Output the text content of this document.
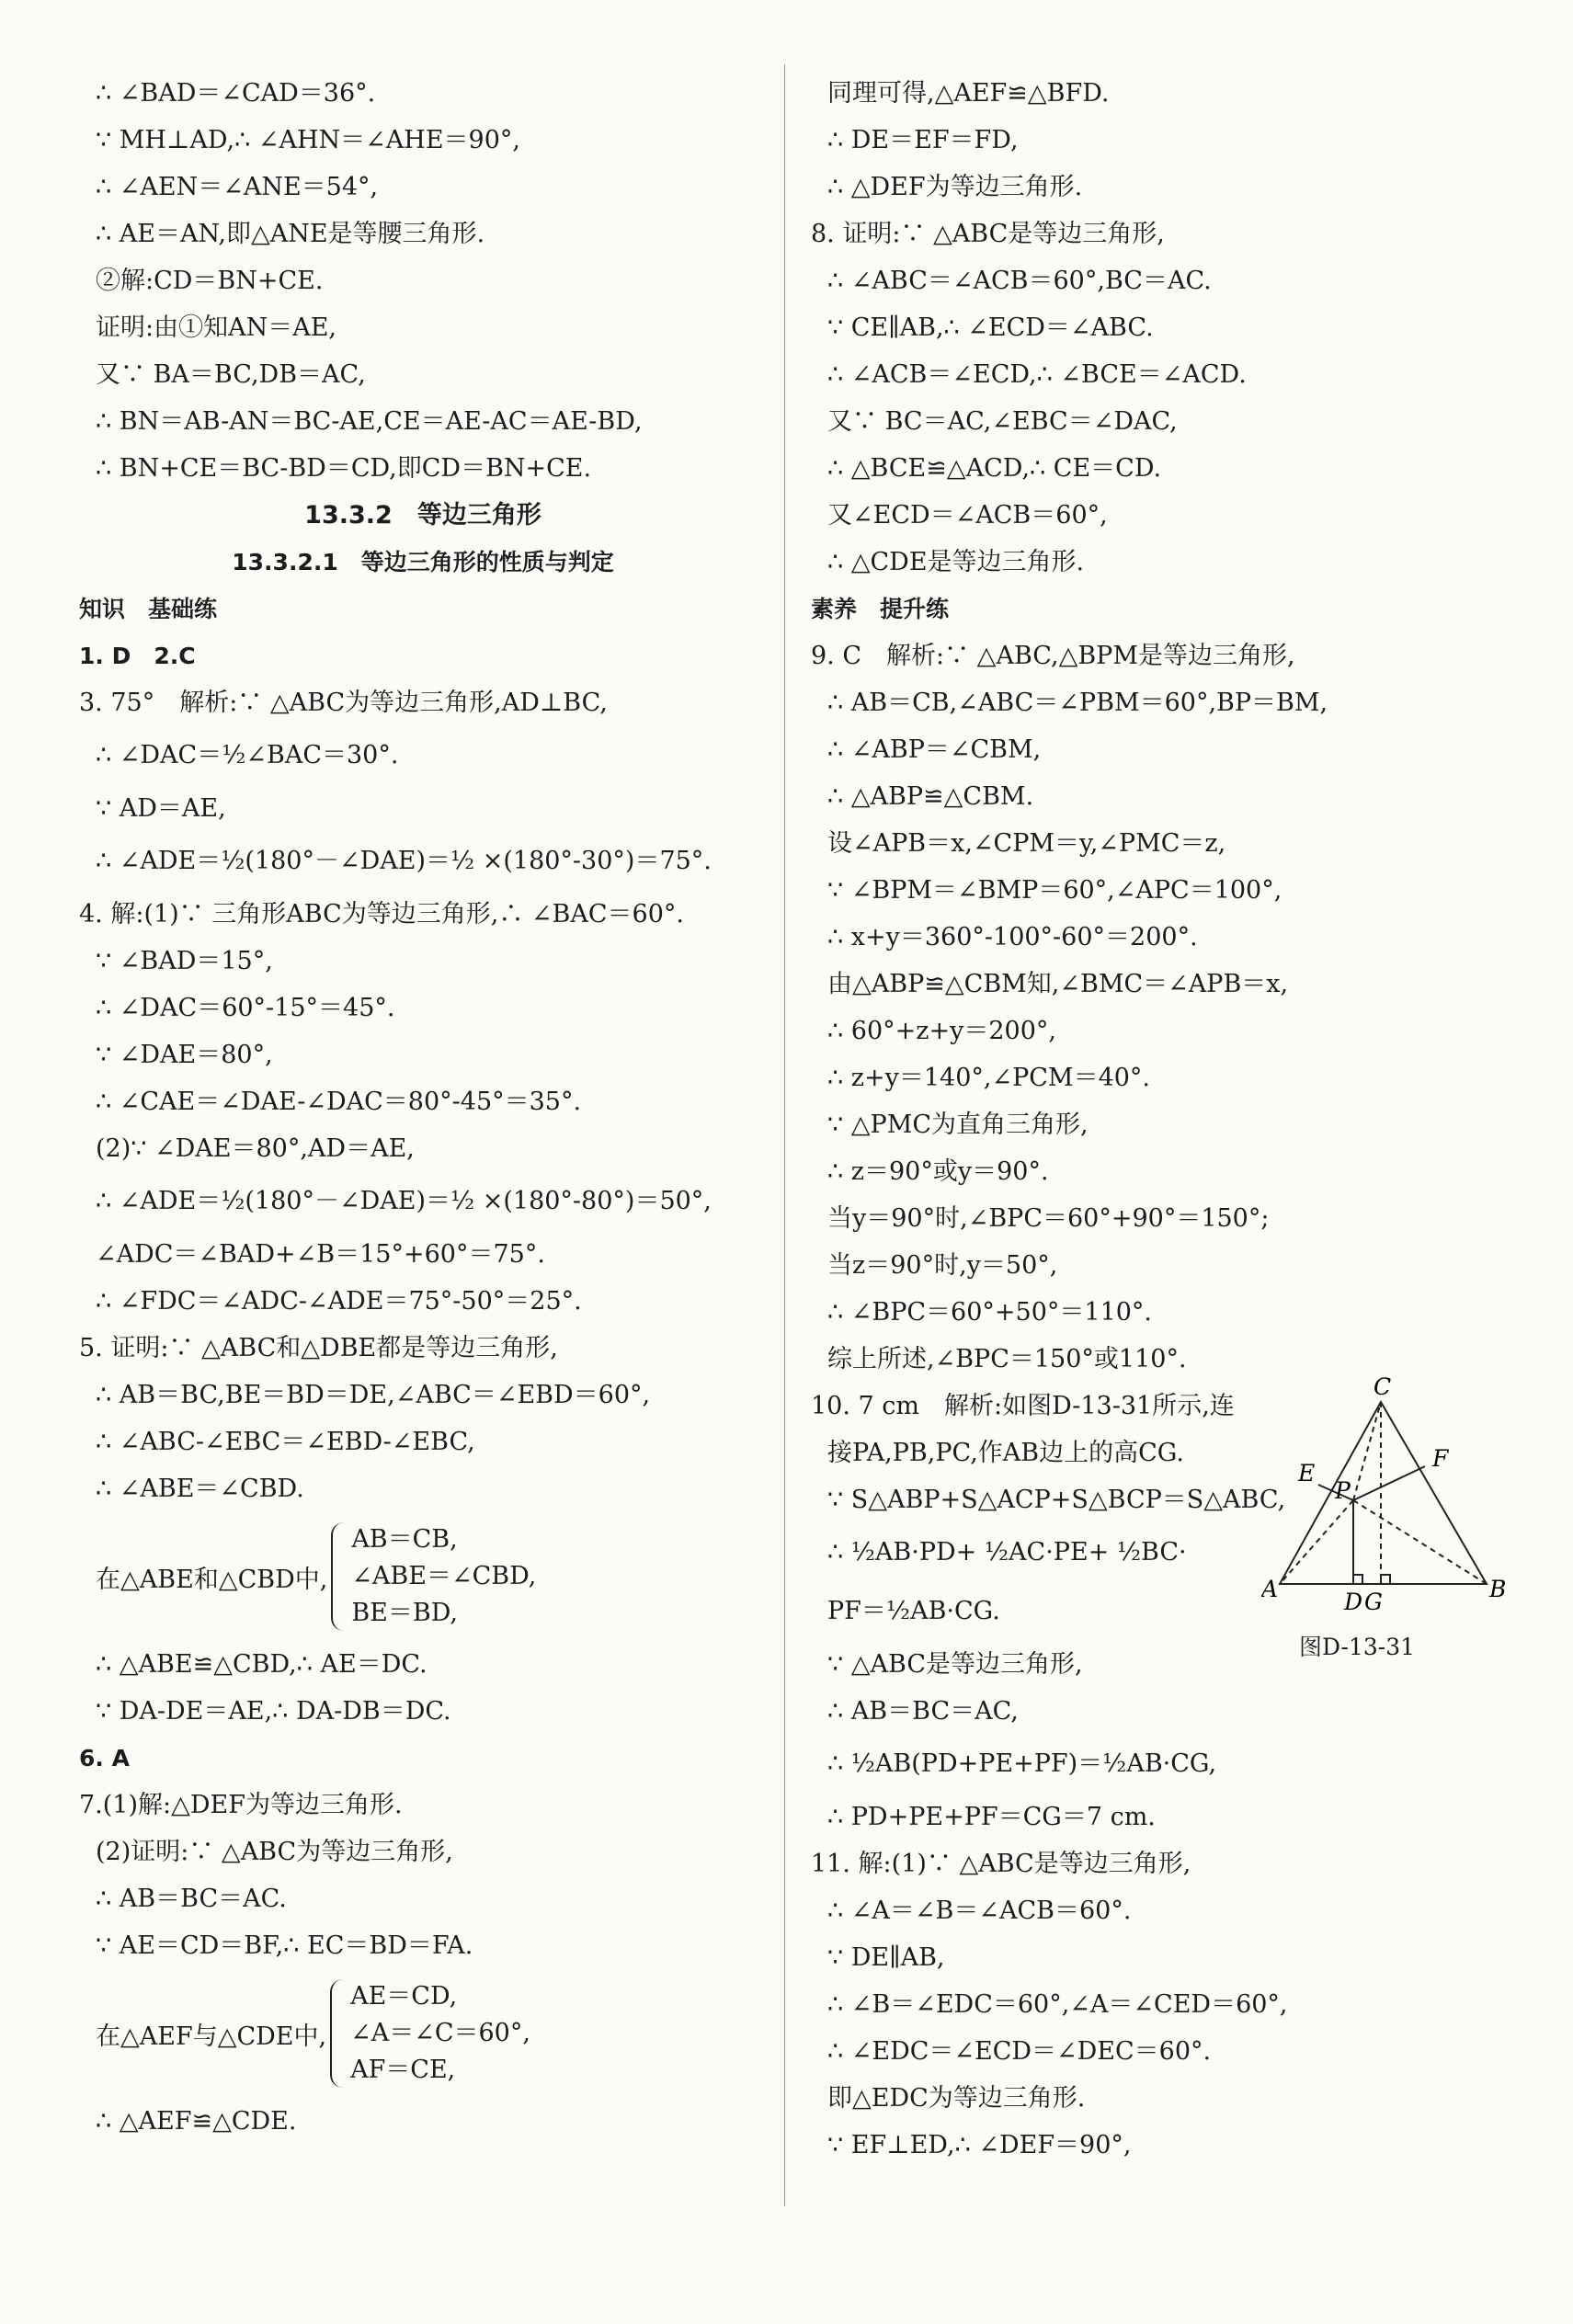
∴ ∠BAD＝∠CAD＝36°.
∵ MH⊥AD,∴ ∠AHN＝∠AHE＝90°,
∴ ∠AEN＝∠ANE＝54°,
∴ AE＝AN,即△ANE是等腰三角形.
②解:CD＝BN+CE.
证明:由①知AN＝AE,
又∵ BA＝BC,DB＝AC,
∴ BN＝AB-AN＝BC-AE,CE＝AE-AC＝AE-BD,
∴ BN+CE＝BC-BD＝CD,即CD＝BN+CE.
13.3.2　等边三角形
13.3.2.1　等边三角形的性质与判定
知识　基础练
1. D　2.C
3. 75°　解析:∵ △ABC为等边三角形,AD⊥BC,
∴ ∠DAC＝½∠BAC＝30°.
∵ AD＝AE,
∴ ∠ADE＝½(180°－∠DAE)＝½ ×(180°-30°)＝75°.
4. 解:(1)∵ 三角形ABC为等边三角形,∴ ∠BAC＝60°.
∵ ∠BAD＝15°,
∴ ∠DAC＝60°-15°＝45°.
∵ ∠DAE＝80°,
∴ ∠CAE＝∠DAE-∠DAC＝80°-45°＝35°.
(2)∵ ∠DAE＝80°,AD＝AE,
∴ ∠ADE＝½(180°－∠DAE)＝½ ×(180°-80°)＝50°,
∠ADC＝∠BAD+∠B＝15°+60°＝75°.
∴ ∠FDC＝∠ADC-∠ADE＝75°-50°＝25°.
5. 证明:∵ △ABC和△DBE都是等边三角形,
∴ AB＝BC,BE＝BD＝DE,∠ABC＝∠EBD＝60°,
∴ ∠ABC-∠EBC＝∠EBD-∠EBC,
∴ ∠ABE＝∠CBD.
在△ABE和△CBD中,
AB＝CB,
∠ABE＝∠CBD,
BE＝BD,
∴ △ABE≌△CBD,∴ AE＝DC.
∵ DA-DE＝AE,∴ DA-DB＝DC.
6. A
7.(1)解:△DEF为等边三角形.
(2)证明:∵ △ABC为等边三角形,
∴ AB＝BC＝AC.
∵ AE＝CD＝BF,∴ EC＝BD＝FA.
在△AEF与△CDE中,
AE＝CD,
∠A＝∠C＝60°,
AF＝CE,
∴ △AEF≌△CDE.
同理可得,△AEF≌△BFD.
∴ DE＝EF＝FD,
∴ △DEF为等边三角形.
8. 证明:∵ △ABC是等边三角形,
∴ ∠ABC＝∠ACB＝60°,BC＝AC.
∵ CE∥AB,∴ ∠ECD＝∠ABC.
∴ ∠ACB＝∠ECD,∴ ∠BCE＝∠ACD.
又∵ BC＝AC,∠EBC＝∠DAC,
∴ △BCE≌△ACD,∴ CE＝CD.
又∠ECD＝∠ACB＝60°,
∴ △CDE是等边三角形.
素养　提升练
9. C　解析:∵ △ABC,△BPM是等边三角形,
∴ AB＝CB,∠ABC＝∠PBM＝60°,BP＝BM,
∴ ∠ABP＝∠CBM,
∴ △ABP≌△CBM.
设∠APB＝x,∠CPM＝y,∠PMC＝z,
∵ ∠BPM＝∠BMP＝60°,∠APC＝100°,
∴ x+y＝360°-100°-60°＝200°.
由△ABP≌△CBM知,∠BMC＝∠APB＝x,
∴ 60°+z+y＝200°,
∴ z+y＝140°,∠PCM＝40°.
∵ △PMC为直角三角形,
∴ z＝90°或y＝90°.
当y＝90°时,∠BPC＝60°+90°＝150°;
当z＝90°时,y＝50°,
∴ ∠BPC＝60°+50°＝110°.
综上所述,∠BPC＝150°或110°.
10. 7 cm　解析:如图D-13-31所示,连
接PA,PB,PC,作AB边上的高CG.
∵ S△ABP+S△ACP+S△BCP＝S△ABC,
∴ ½AB·PD+ ½AC·PE+ ½BC·
PF＝½AB·CG.
∵ △ABC是等边三角形,
∴ AB＝BC＝AC,
∴ ½AB(PD+PE+PF)＝½AB·CG,
∴ PD+PE+PF＝CG＝7 cm.
11. 解:(1)∵ △ABC是等边三角形,
∴ ∠A＝∠B＝∠ACB＝60°.
∵ DE∥AB,
∴ ∠B＝∠EDC＝60°,∠A＝∠CED＝60°,
∴ ∠EDC＝∠ECD＝∠DEC＝60°.
即△EDC为等边三角形.
∵ EF⊥ED,∴ ∠DEF＝90°,
C
E
F
P
A	D G	B
图D-13-31
